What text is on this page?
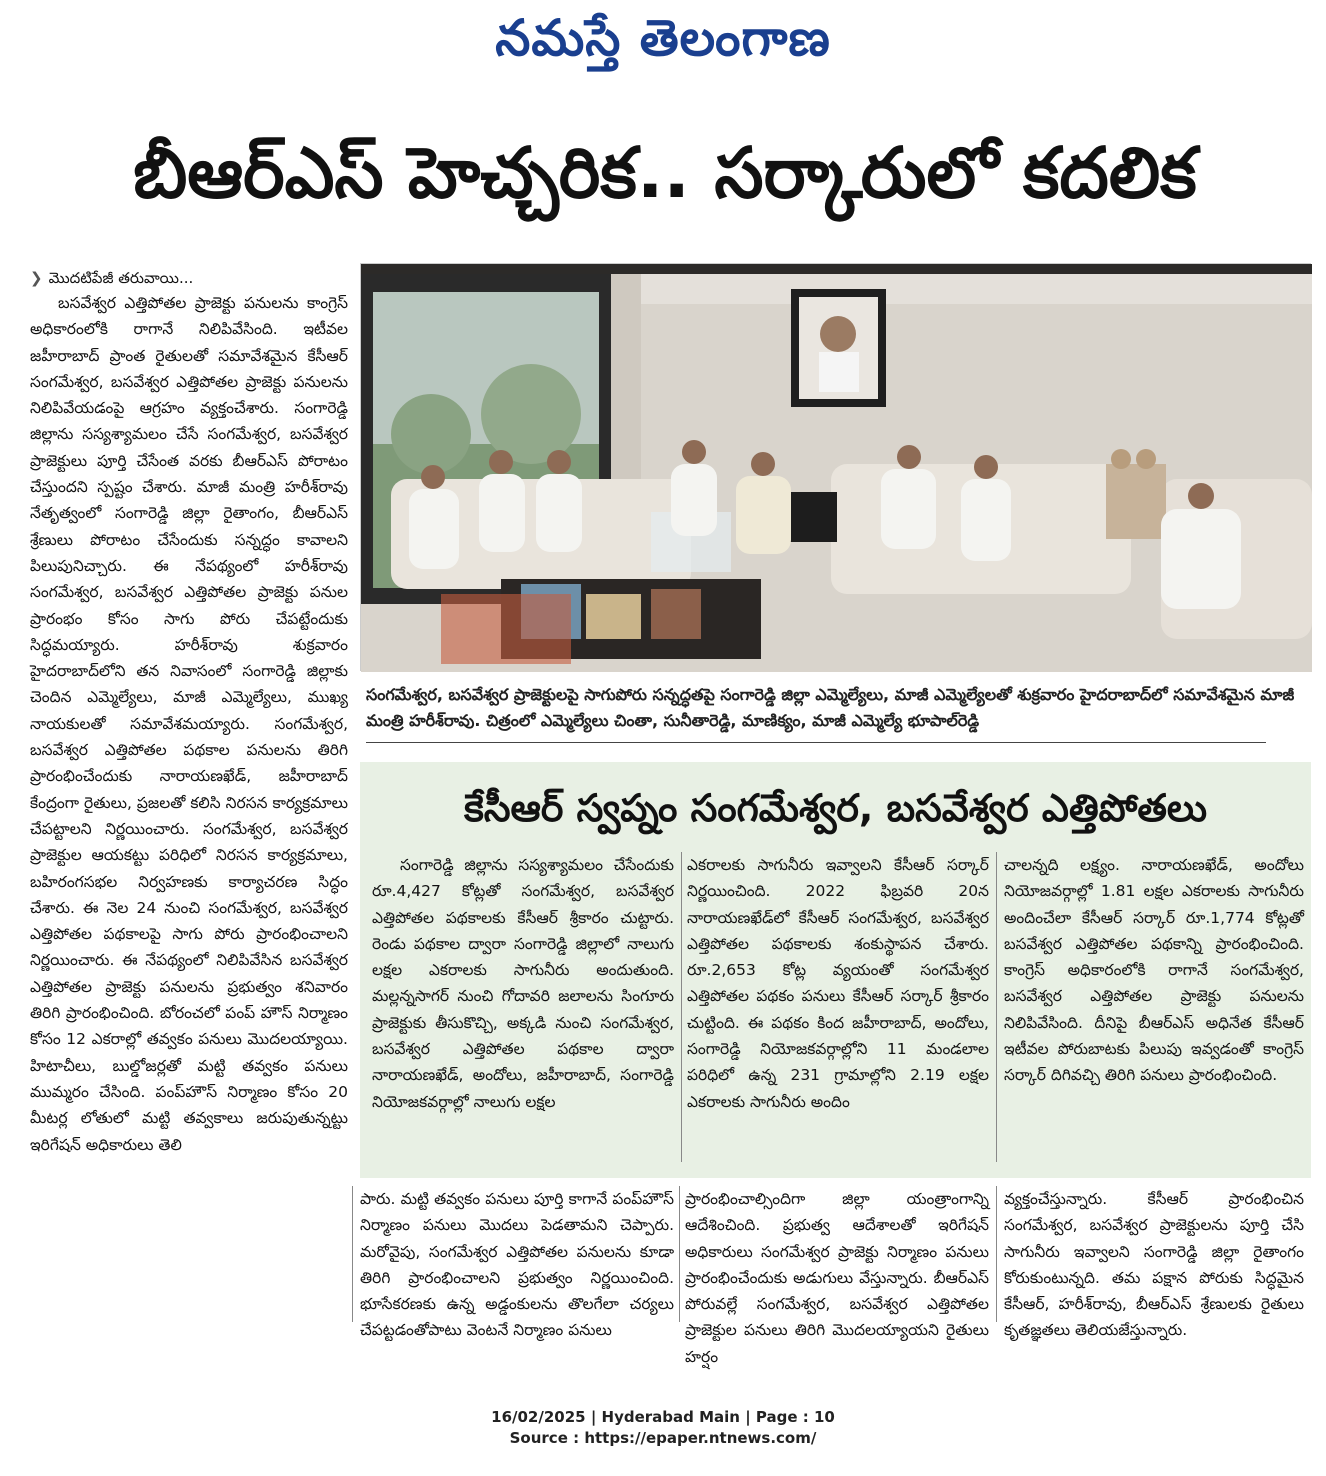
నమస్తే తెలంగాణ
బీఆర్ఎస్ హెచ్చరిక.. సర్కారులో కదలిక
❯ మొదటిపేజీ తరువాయి...

బసవేశ్వర ఎత్తిపోతల ప్రాజెక్టు పనులను కాంగ్రెస్ అధికారంలోకి రాగానే నిలిపివేసింది. ఇటీవల జహీరాబాద్ ప్రాంత రైతులతో సమావేశమైన కేసీఆర్ సంగమేశ్వర, బసవేశ్వర ఎత్తిపోతల ప్రాజెక్టు పనులను నిలిపివేయడంపై ఆగ్రహం వ్యక్తంచేశారు. సంగారెడ్డి జిల్లాను సస్యశ్యామలం చేసే సంగమేశ్వర, బసవేశ్వర ప్రాజెక్టులు పూర్తి చేసేంత వరకు బీఆర్ఎస్ పోరాటం చేస్తుందని స్పష్టం చేశారు. మాజీ మంత్రి హరీశ్‌రావు నేతృత్వంలో సంగారెడ్డి జిల్లా రైతాంగం, బీఆర్ఎస్ శ్రేణులు పోరాటం చేసేందుకు సన్నద్ధం కావాలని పిలుపునిచ్చారు. ఈ నేపథ్యంలో హరీశ్‌రావు సంగమేశ్వర, బసవేశ్వర ఎత్తిపోతల ప్రాజెక్టు పనుల ప్రారంభం కోసం సాగు పోరు చేపట్టేందుకు సిద్ధమయ్యారు. హరీశ్‌రావు శుక్రవారం హైదరాబాద్‌లోని తన నివాసంలో సంగారెడ్డి జిల్లాకు చెందిన ఎమ్మెల్యేలు, మాజీ ఎమ్మెల్యేలు, ముఖ్య నాయకులతో సమావేశమయ్యారు. సంగమేశ్వర, బసవేశ్వర ఎత్తిపోతల పథకాల పనులను తిరిగి ప్రారంభించేందుకు నారాయణఖేడ్, జహీరాబాద్ కేంద్రంగా రైతులు, ప్రజలతో కలిసి నిరసన కార్యక్రమాలు చేపట్టాలని నిర్ణయించారు. సంగమేశ్వర, బసవేశ్వర ప్రాజెక్టుల ఆయకట్టు పరిధిలో నిరసన కార్యక్రమాలు, బహిరంగసభల నిర్వహణకు కార్యాచరణ సిద్ధం చేశారు. ఈ నెల 24 నుంచి సంగమేశ్వర, బసవేశ్వర ఎత్తిపోతల పథకాలపై సాగు పోరు ప్రారంభించాలని నిర్ణయించారు. ఈ నేపథ్యంలో నిలిపివేసిన బసవేశ్వర ఎత్తిపోతల ప్రాజెక్టు పనులను ప్రభుత్వం శనివారం తిరిగి ప్రారంభించింది. బోరంచలో పంప్ హౌస్ నిర్మాణం కోసం 12 ఎకరాల్లో తవ్వకం పనులు మొదలయ్యాయి. హిటాచీలు, బుల్డోజర్లతో మట్టి తవ్వకం పనులు ముమ్మరం చేసింది. పంప్‌హౌస్ నిర్మాణం కోసం 20 మీటర్ల లోతులో మట్టి తవ్వకాలు జరుపుతున్నట్టు ఇరిగేషన్ అధికారులు తెలి

సంగమేశ్వర, బసవేశ్వర ప్రాజెక్టులపై సాగుపోరు సన్నద్ధతపై సంగారెడ్డి జిల్లా ఎమ్మెల్యేలు, మాజీ ఎమ్మెల్యేలతో శుక్రవారం హైదరాబాద్‌లో సమావేశమైన మాజీ మంత్రి హరీశ్‌రావు. చిత్రంలో ఎమ్మెల్యేలు చింతా, సునీతారెడ్డి, మాణిక్యం, మాజీ ఎమ్మెల్యే భూపాల్‌రెడ్డి
కేసీఆర్ స్వప్నం సంగమేశ్వర, బసవేశ్వర ఎత్తిపోతలు

సంగారెడ్డి జిల్లాను సస్యశ్యామలం చేసేందుకు రూ.4,427 కోట్లతో సంగమేశ్వర, బసవేశ్వర ఎత్తిపోతల పథకాలకు కేసీఆర్ శ్రీకారం చుట్టారు. రెండు పథకాల ద్వారా సంగారెడ్డి జిల్లాలో నాలుగు లక్షల ఎకరాలకు సాగునీరు అందుతుంది. మల్లన్నసాగర్ నుంచి గోదావరి జలాలను సింగూరు ప్రాజెక్టుకు తీసుకొచ్చి, అక్కడి నుంచి సంగమేశ్వర, బసవేశ్వర ఎత్తిపోతల పథకాల ద్వారా నారాయణఖేడ్, అందోలు, జహీరాబాద్, సంగారెడ్డి నియోజకవర్గాల్లో నాలుగు లక్షల

ఎకరాలకు సాగునీరు ఇవ్వాలని కేసీఆర్ సర్కార్ నిర్ణయించింది. 2022 ఫిబ్రవరి 20న నారాయణఖేడ్‌లో కేసీఆర్ సంగమేశ్వర, బసవేశ్వర ఎత్తిపోతల పథకాలకు శంకుస్థాపన చేశారు. రూ.2,653 కోట్ల వ్యయంతో సంగమేశ్వర ఎత్తిపోతల పథకం పనులు కేసీఆర్ సర్కార్ శ్రీకారం చుట్టింది. ఈ పథకం కింద జహీరాబాద్, అందోలు, సంగారెడ్డి నియోజకవర్గాల్లోని 11 మండలాల పరిధిలో ఉన్న 231 గ్రామాల్లోని 2.19 లక్షల ఎకరాలకు సాగునీరు అందిం

చాలన్నది లక్ష్యం. నారాయణఖేడ్, అందోలు నియోజవర్గాల్లో 1.81 లక్షల ఎకరాలకు సాగునీరు అందించేలా కేసీఆర్ సర్కార్ రూ.1,774 కోట్లతో బసవేశ్వర ఎత్తిపోతల పథకాన్ని ప్రారంభించింది. కాంగ్రెస్ అధికారంలోకి రాగానే సంగమేశ్వర, బసవేశ్వర ఎత్తిపోతల ప్రాజెక్టు పనులను నిలిపివేసింది. దీనిపై బీఆర్ఎస్ అధినేత కేసీఆర్ ఇటీవల పోరుబాటకు పిలుపు ఇవ్వడంతో కాంగ్రెస్ సర్కార్ దిగివచ్చి తిరిగి పనులు ప్రారంభించింది.

పారు. మట్టి తవ్వకం పనులు పూర్తి కాగానే పంప్‌హౌస్ నిర్మాణం పనులు మొదలు పెడతామని చెప్పారు. మరోవైపు, సంగమేశ్వర ఎత్తిపోతల పనులను కూడా తిరిగి ప్రారంభించాలని ప్రభుత్వం నిర్ణయించింది. భూసేకరణకు ఉన్న అడ్డంకులను తొలగేలా చర్యలు చేపట్టడంతోపాటు వెంటనే నిర్మాణం పనులు

ప్రారంభించాల్సిందిగా జిల్లా యంత్రాంగాన్ని ఆదేశించింది. ప్రభుత్వ ఆదేశాలతో ఇరిగేషన్ అధికారులు సంగమేశ్వర ప్రాజెక్టు నిర్మాణం పనులు ప్రారంభించేందుకు అడుగులు వేస్తున్నారు. బీఆర్ఎస్ పోరువల్లే సంగమేశ్వర, బసవేశ్వర ఎత్తిపోతల ప్రాజెక్టుల పనులు తిరిగి మొదలయ్యాయని రైతులు హర్షం

వ్యక్తంచేస్తున్నారు. కేసీఆర్ ప్రారంభించిన సంగమేశ్వర, బసవేశ్వర ప్రాజెక్టులను పూర్తి చేసి సాగునీరు ఇవ్వాలని సంగారెడ్డి జిల్లా రైతాంగం కోరుకుంటున్నది. తమ పక్షాన పోరుకు సిద్ధమైన కేసీఆర్, హరీశ్‌రావు, బీఆర్ఎస్ శ్రేణులకు రైతులు కృతజ్ఞతలు తెలియజేస్తున్నారు.

16/02/2025 | Hyderabad Main | Page : 10
Source : https://epaper.ntnews.com/
